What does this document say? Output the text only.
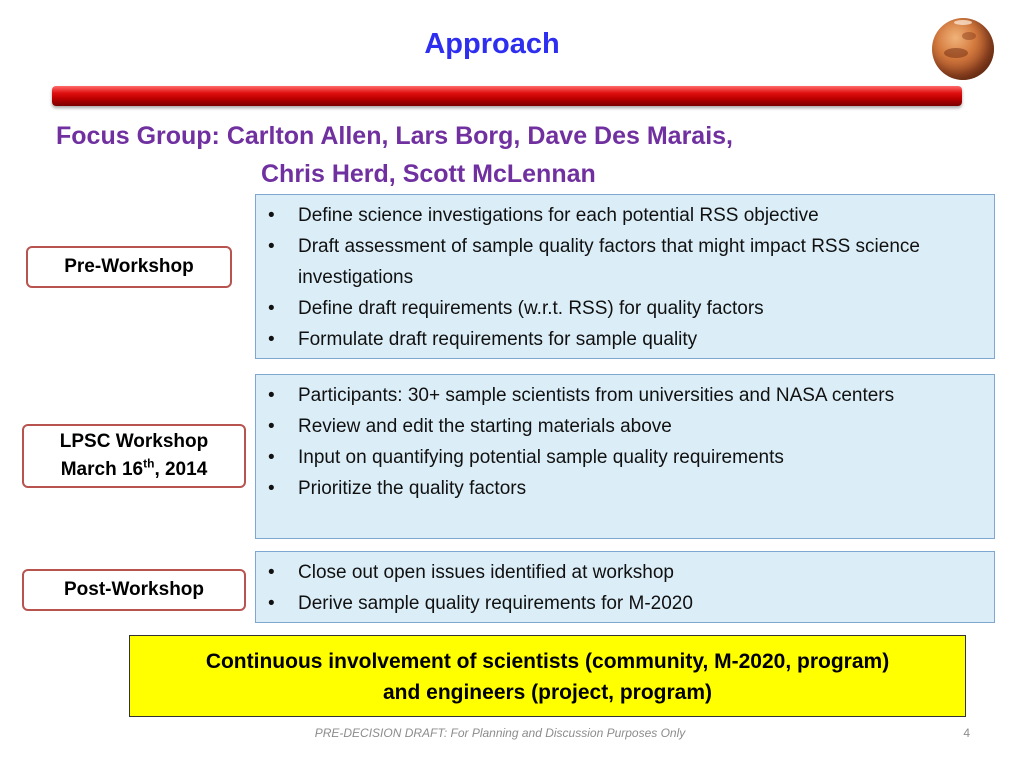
Approach
Focus Group: Carlton Allen, Lars Borg, Dave Des Marais,
Chris Herd, Scott McLennan
Pre-Workshop
• Define science investigations for each potential RSS objective
• Draft assessment of sample quality factors that might impact RSS science investigations
• Define draft requirements (w.r.t. RSS) for quality factors
• Formulate draft requirements for sample quality
LPSC Workshop
March 16th, 2014
• Participants: 30+ sample scientists from universities and NASA centers
• Review and edit the starting materials above
• Input on quantifying potential sample quality requirements
• Prioritize the quality factors
Post-Workshop
• Close out open issues identified at workshop
• Derive sample quality requirements for M-2020
Continuous involvement of scientists (community, M-2020, program)
and engineers (project, program)
PRE-DECISION DRAFT: For Planning and Discussion Purposes Only	4
